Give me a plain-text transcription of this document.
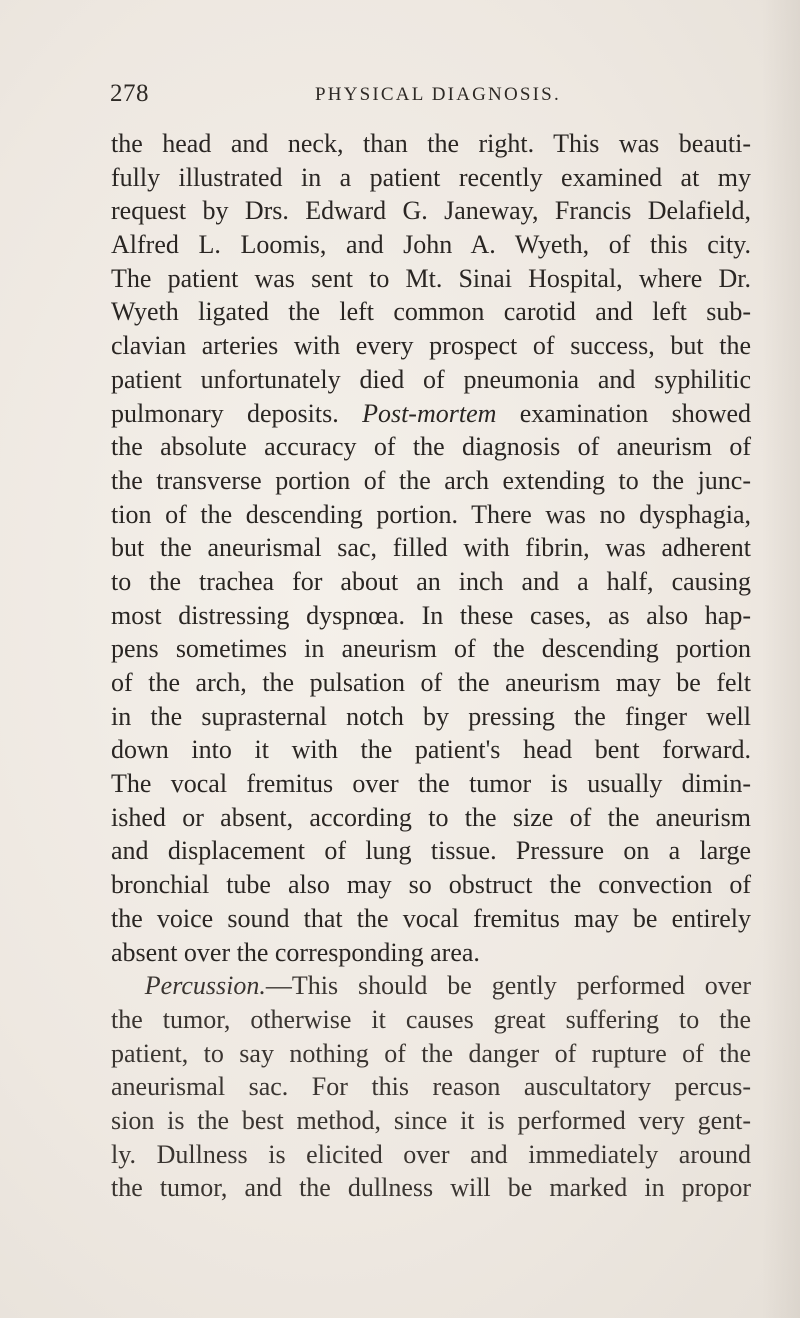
278	PHYSICAL DIAGNOSIS.
the head and neck, than the right. This was beauti-
fully illustrated in a patient recently examined at my
request by Drs. Edward G. Janeway, Francis Delafield,
Alfred L. Loomis, and John A. Wyeth, of this city.
The patient was sent to Mt. Sinai Hospital, where Dr.
Wyeth ligated the left common carotid and left sub-
clavian arteries with every prospect of success, but the
patient unfortunately died of pneumonia and syphilitic
pulmonary deposits. Post-mortem examination showed
the absolute accuracy of the diagnosis of aneurism of
the transverse portion of the arch extending to the junc-
tion of the descending portion. There was no dysphagia,
but the aneurismal sac, filled with fibrin, was adherent
to the trachea for about an inch and a half, causing
most distressing dyspnœa. In these cases, as also hap-
pens sometimes in aneurism of the descending portion
of the arch, the pulsation of the aneurism may be felt
in the suprasternal notch by pressing the finger well
down into it with the patient's head bent forward.
The vocal fremitus over the tumor is usually dimin-
ished or absent, according to the size of the aneurism
and displacement of lung tissue. Pressure on a large
bronchial tube also may so obstruct the convection of
the voice sound that the vocal fremitus may be entirely
absent over the corresponding area.
Percussion.—This should be gently performed over
the tumor, otherwise it causes great suffering to the
patient, to say nothing of the danger of rupture of the
aneurismal sac. For this reason auscultatory percus-
sion is the best method, since it is performed very gent-
ly. Dullness is elicited over and immediately around
the tumor, and the dullness will be marked in propor
